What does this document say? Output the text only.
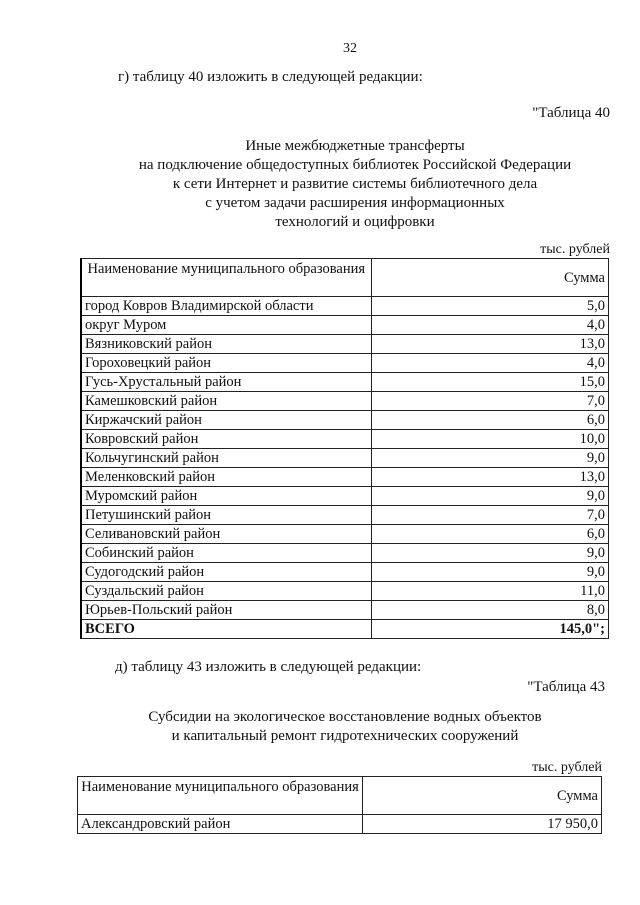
32
г) таблицу 40 изложить в следующей редакции:
"Таблица 40
Иные межбюджетные трансферты
на подключение общедоступных библиотек Российской Федерации
к сети Интернет и развитие системы библиотечного дела
с учетом задачи расширения информационных
технологий и оцифровки
тыс. рублей
Наименование муниципального образования	Сумма
город Ковров Владимирской области	5,0
округ Муром	4,0
Вязниковский район	13,0
Гороховецкий район	4,0
Гусь-Хрустальный район	15,0
Камешковский район	7,0
Киржачский район	6,0
Ковровский район	10,0
Кольчугинский район	9,0
Меленковский район	13,0
Муромский район	9,0
Петушинский район	7,0
Селивановский район	6,0
Собинский район	9,0
Судогодский район	9,0
Суздальский район	11,0
Юрьев-Польский район	8,0
ВСЕГО	145,0";
д) таблицу 43 изложить в следующей редакции:
"Таблица 43
Субсидии на экологическое восстановление водных объектов
и капитальный ремонт гидротехнических сооружений
тыс. рублей
Наименование муниципального образования	Сумма
Александровский район	17 950,0
